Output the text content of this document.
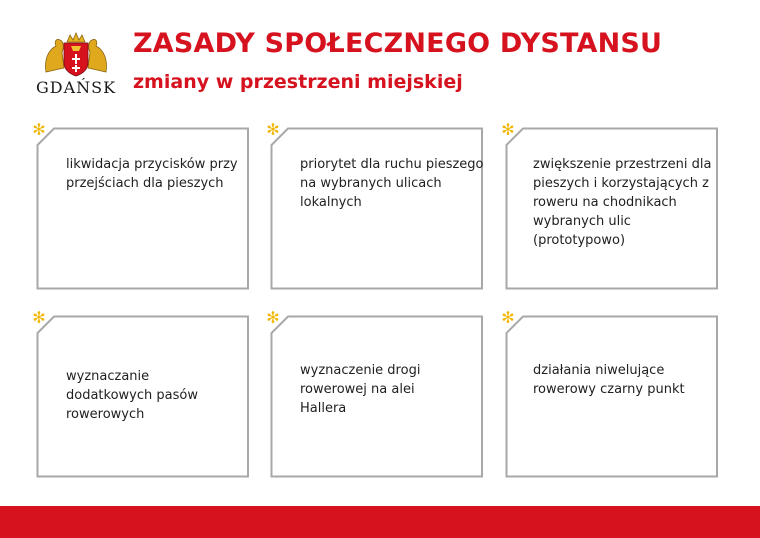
GDAŃSK
ZASADY SPOŁECZNEGO DYSTANSU
zmiany w przestrzeni miejskiej
✻
likwidacja przycisków przy przejściach dla pieszych
✻
priorytet dla ruchu pieszego na wybranych ulicach lokalnych
✻
zwiększenie przestrzeni dla pieszych i korzystających z roweru na chodnikach wybranych ulic
(prototypowo)
✻
wyznaczanie dodatkowych pasów rowerowych
✻
wyznaczenie drogi rowerowej na alei Hallera
✻
działania niwelujące rowerowy czarny punkt
